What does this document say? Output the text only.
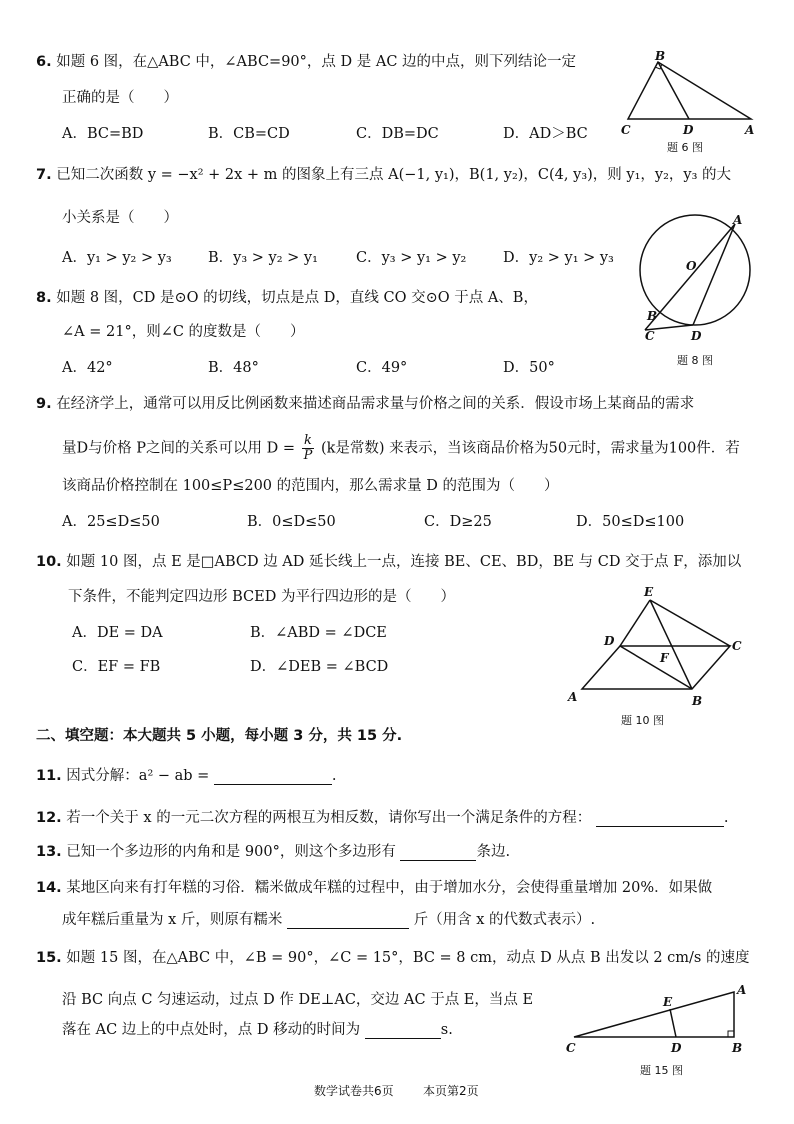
6. 如题 6 图，在△ABC 中，∠ABC=90°，点 D 是 AC 边的中点，则下列结论一定
正确的是（　　）
A．BC=BD	B．CB=CD	C．DB=DC	D．AD＞BC
B
C	D	A
题 6 图
7. 已知二次函数 y = −x² + 2x + m 的图象上有三点 A(−1, y₁)，B(1, y₂)，C(4, y₃)，则 y₁，y₂，y₃ 的大
小关系是（　　）
A．y₁ > y₂ > y₃	B．y₃ > y₂ > y₁	C．y₃ > y₁ > y₂	D．y₂ > y₁ > y₃
A
O
B
C	D
题 8 图
8. 如题 8 图，CD 是⊙O 的切线，切点是点 D，直线 CO 交⊙O 于点 A、B，
∠A = 21°，则∠C 的度数是（　　）
A．42°	B．48°	C．49°	D．50°
9. 在经济学上，通常可以用反比例函数来描述商品需求量与价格之间的关系．假设市场上某商品的需求
量D与价格 P之间的关系可以用 $D = \frac{k}{P} (k$是常数) 来表示，当该商品价格为50元时，需求量为100件．若
该商品价格控制在 100≤P≤200 的范围内，那么需求量 D 的范围为（　　）
A．25≤D≤50	B．0≤D≤50	C．D≥25	D．50≤D≤100
10. 如题 10 图，点 E 是□ABCD 边 AD 延长线上一点，连接 BE、CE、BD，BE 与 CD 交于点 F，添加以
下条件，不能判定四边形 BCED 为平行四边形的是（　　）
A．DE = DA	B．∠ABD = ∠DCE
C．EF = FB	D．∠DEB = ∠BCD
E
D	C
F
A	B
题 10 图
二、填空题：本大题共 5 小题，每小题 3 分，共 15 分.
11. 因式分解：a² − ab =	.
12. 若一个关于 x 的一元二次方程的两根互为相反数，请你写出一个满足条件的方程：	.
13. 已知一个多边形的内角和是 900°，则这个多边形有	条边.
14. 某地区向来有打年糕的习俗．糯米做成年糕的过程中，由于增加水分，会使得重量增加 20%．如果做
成年糕后重量为 x 斤，则原有糯米	斤（用含 x 的代数式表示）.
15. 如题 15 图，在△ABC 中，∠B = 90°，∠C = 15°，BC = 8 cm，动点 D 从点 B 出发以 2 cm/s 的速度
沿 BC 向点 C 匀速运动，过点 D 作 DE⊥AC，交边 AC 于点 E，当点 E
落在 AC 边上的中点处时，点 D 移动的时间为	s.
A
E
C	D	B
题 15 图
数学试卷共6页 本页第2页
